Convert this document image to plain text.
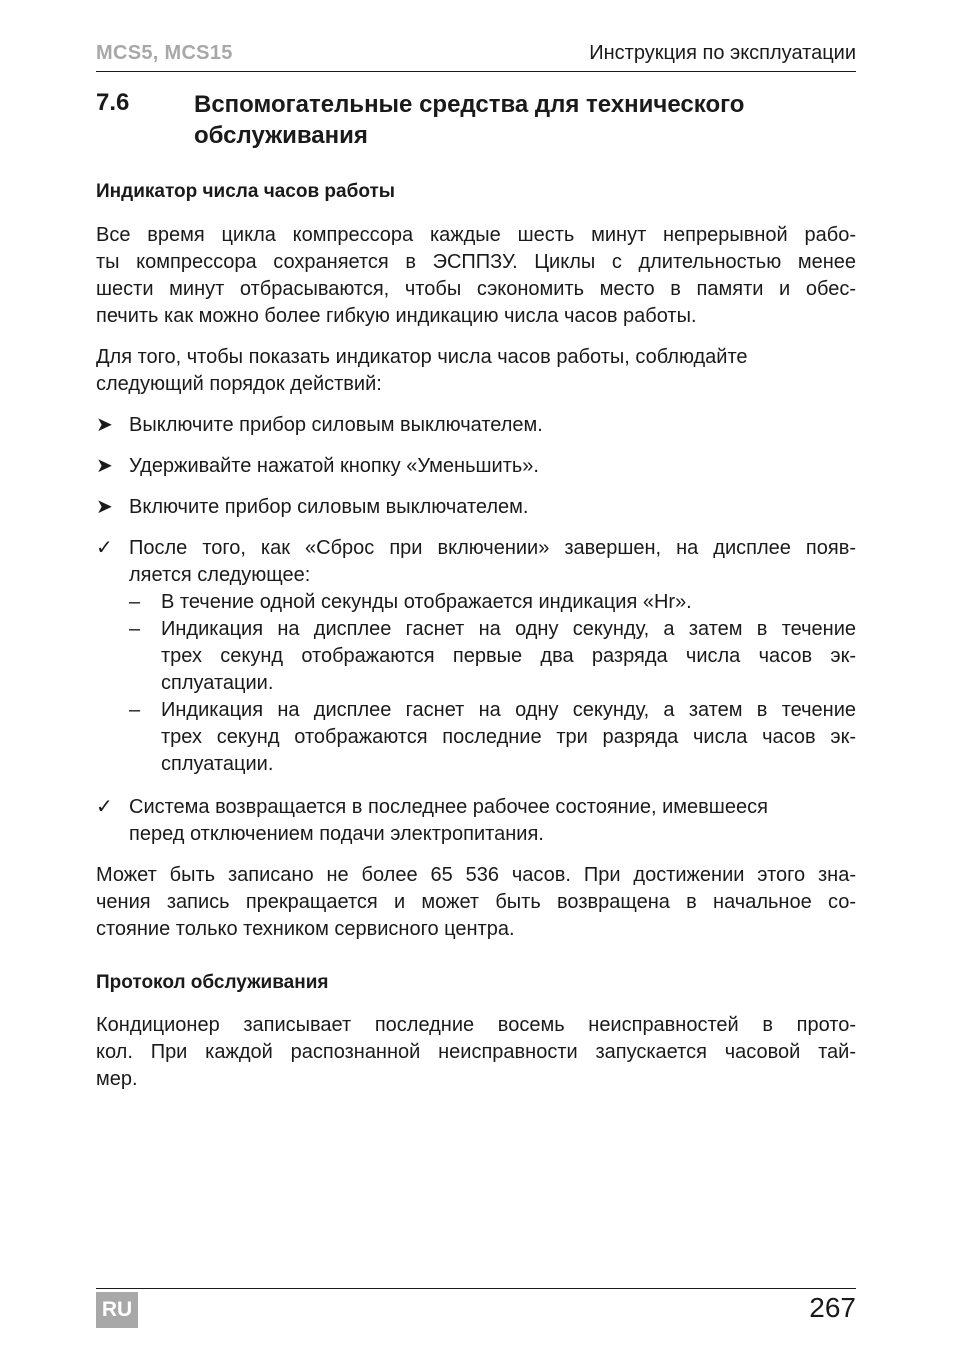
MCS5, MCS15	Инструкция по эксплуатации
7.6	Вспомогательные средства для технического
обслуживания
Индикатор числа часов работы
Все время цикла компрессора каждые шесть минут непрерывной рабо-
ты компрессора сохраняется в ЭСППЗУ. Циклы с длительностью менее
шести минут отбрасываются, чтобы сэкономить место в памяти и обес-
печить как можно более гибкую индикацию числа часов работы.
Для того, чтобы показать индикатор числа часов работы, соблюдайте
следующий порядок действий:
➤ Выключите прибор силовым выключателем.
➤ Удерживайте нажатой кнопку «Уменьшить».
➤ Включите прибор силовым выключателем.
✓ После того, как «Сброс при включении» завершен, на дисплее появ-
ляется следующее:
– В течение одной секунды отображается индикация «Hr».
– Индикация на дисплее гаснет на одну секунду, а затем в течение
трех секунд отображаются первые два разряда числа часов эк-
сплуатации.
– Индикация на дисплее гаснет на одну секунду, а затем в течение
трех секунд отображаются последние три разряда числа часов эк-
сплуатации.
✓ Система возвращается в последнее рабочее состояние, имевшееся
перед отключением подачи электропитания.
Может быть записано не более 65 536 часов. При достижении этого зна-
чения запись прекращается и может быть возвращена в начальное со-
стояние только техником сервисного центра.
Протокол обслуживания
Кондиционер записывает последние восемь неисправностей в прото-
кол. При каждой распознанной неисправности запускается часовой тай-
мер.
RU	267
